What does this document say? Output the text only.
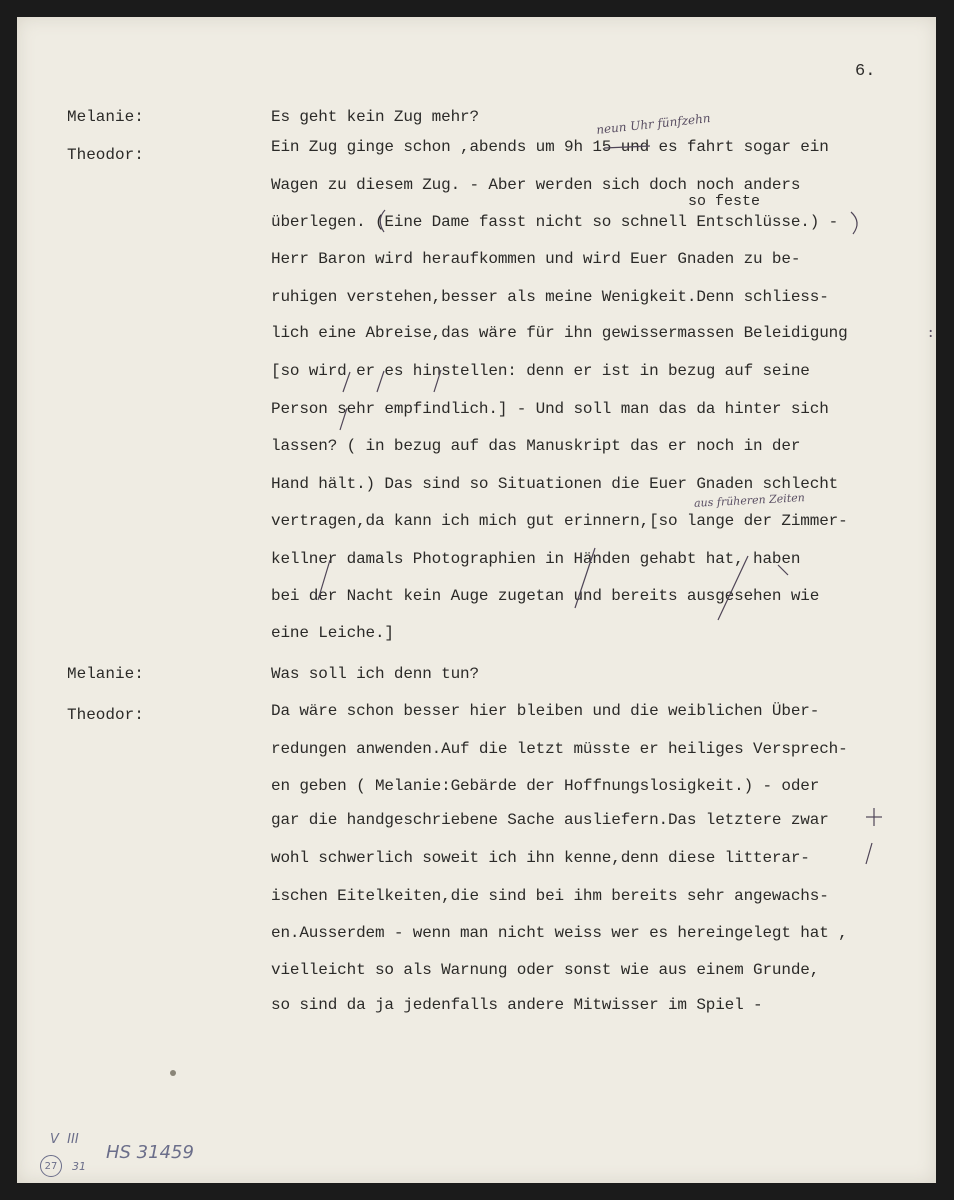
6.
Melanie:
Theodor:
Melanie:
Theodor:
Es geht kein Zug mehr?
Ein Zug ginge schon ,abends um 9h 15 und es fahrt sogar ein
Wagen zu diesem Zug. - Aber werden sich doch noch anders
überlegen. (Eine Dame fasst nicht so schnell Entschlüsse.) -
Herr Baron wird heraufkommen und wird Euer Gnaden zu be-
ruhigen verstehen,besser als meine Wenigkeit.Denn schliess-
lich eine Abreise,das wäre für ihn gewissermassen Beleidigung
[so wird er es hinstellen: denn er ist in bezug auf seine
Person sehr empfindlich.] - Und soll man das da hinter sich
lassen? ( in bezug auf das Manuskript das er noch in der
Hand hält.) Das sind so Situationen die Euer Gnaden schlecht
vertragen,da kann ich mich gut erinnern,[so lange der Zimmer-
kellner damals Photographien in Händen gehabt hat, haben
bei der Nacht kein Auge zugetan und bereits ausgesehen wie
eine Leiche.]
Was soll ich denn tun?
Da wäre schon besser hier bleiben und die weiblichen Über-
redungen anwenden.Auf die letzt müsste er heiliges Versprech-
en geben ( Melanie:Gebärde der Hoffnungslosigkeit.) - oder
gar die handgeschriebene Sache ausliefern.Das letztere zwar
wohl schwerlich soweit ich ihn kenne,denn diese litterar-
ischen Eitelkeiten,die sind bei ihm bereits sehr angewachs-
en.Ausserdem - wenn man nicht weiss wer es hereingelegt hat ,
vielleicht so als Warnung oder sonst wie aus einem Grunde,
so sind da ja jedenfalls andere Mitwisser im Spiel -
neun Uhr fünfzehn
so feste
aus früheren Zeiten
:
V  III
31
27
HS 31459
